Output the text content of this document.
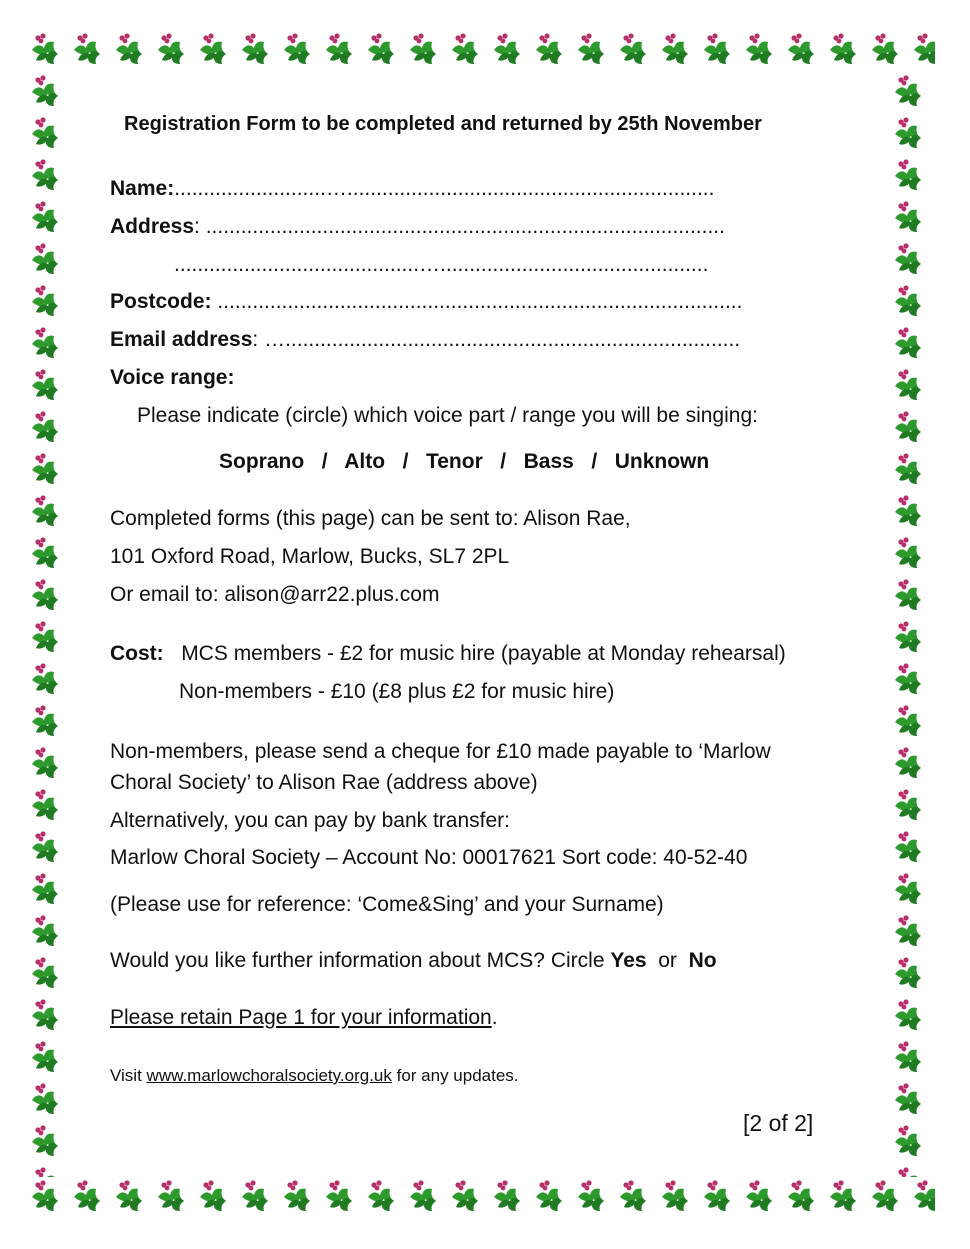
Registration Form to be completed and returned by 25th November
Name:..........................…...............................................................
Address: .........................................................................................
..........................................…..............................................
Postcode: ..........................................................................................
Email address: …..............................................................................
Voice range:
Please indicate (circle) which voice part / range you will be singing:
Soprano / Alto / Tenor / Bass / Unknown
Completed forms (this page) can be sent to: Alison Rae,
101 Oxford Road, Marlow, Bucks, SL7 2PL
Or email to: alison@arr22.plus.com
Cost: MCS members - £2 for music hire (payable at Monday rehearsal)
Non-members - £10 (£8 plus £2 for music hire)
Non-members, please send a cheque for £10 made payable to ‘Marlow
Choral Society’ to Alison Rae (address above)
Alternatively, you can pay by bank transfer:
Marlow Choral Society – Account No: 00017621 Sort code: 40-52-40
(Please use for reference: ‘Come&Sing’ and your Surname)
Would you like further information about MCS? Circle Yes or No
Please retain Page 1 for your information.
Visit www.marlowchoralsociety.org.uk for any updates.
[2 of 2]
